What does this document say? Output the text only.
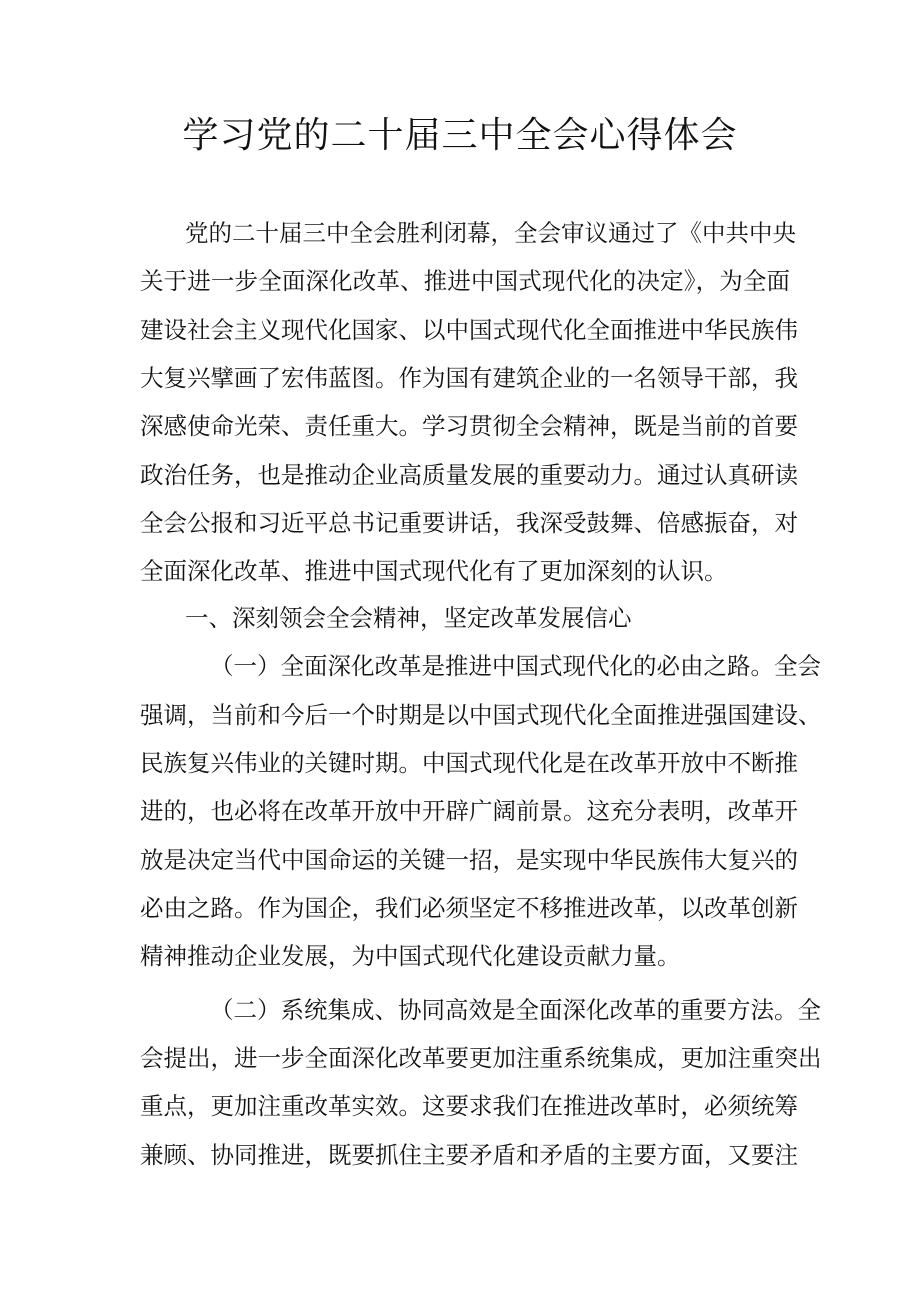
学习党的二十届三中全会心得体会
党的二十届三中全会胜利闭幕，全会审议通过了《中共中央
关于进一步全面深化改革、推进中国式现代化的决定》，为全面
建设社会主义现代化国家、以中国式现代化全面推进中华民族伟
大复兴擘画了宏伟蓝图。作为国有建筑企业的一名领导干部，我
深感使命光荣、责任重大。学习贯彻全会精神，既是当前的首要
政治任务，也是推动企业高质量发展的重要动力。通过认真研读
全会公报和习近平总书记重要讲话，我深受鼓舞、倍感振奋，对
全面深化改革、推进中国式现代化有了更加深刻的认识。
一、深刻领会全会精神，坚定改革发展信心
（一）全面深化改革是推进中国式现代化的必由之路。全会
强调，当前和今后一个时期是以中国式现代化全面推进强国建设、
民族复兴伟业的关键时期。中国式现代化是在改革开放中不断推
进的，也必将在改革开放中开辟广阔前景。这充分表明，改革开
放是决定当代中国命运的关键一招，是实现中华民族伟大复兴的
必由之路。作为国企，我们必须坚定不移推进改革，以改革创新
精神推动企业发展，为中国式现代化建设贡献力量。
（二）系统集成、协同高效是全面深化改革的重要方法。全
会提出，进一步全面深化改革要更加注重系统集成，更加注重突出
重点，更加注重改革实效。这要求我们在推进改革时，必须统筹
兼顾、协同推进，既要抓住主要矛盾和矛盾的主要方面，又要注
